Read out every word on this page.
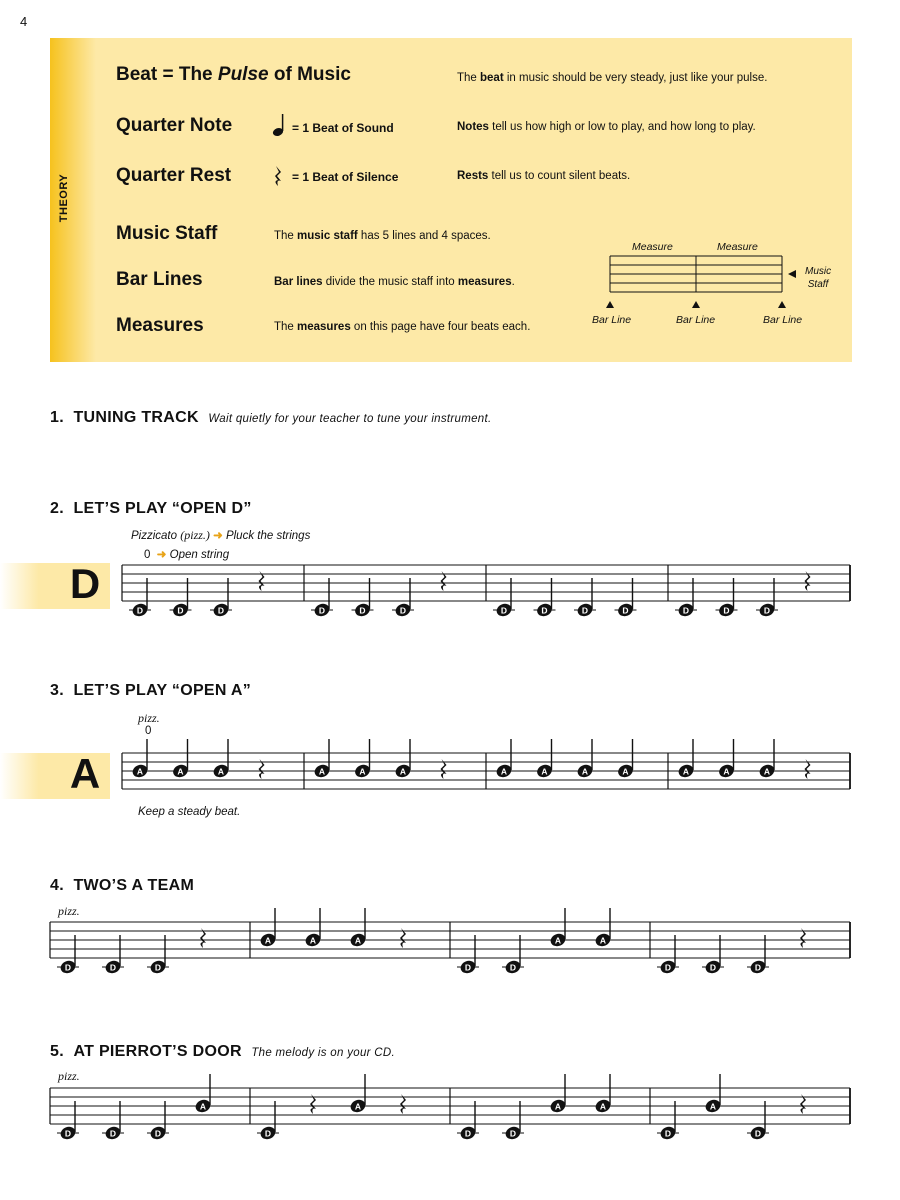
4
THEORY
Beat = The Pulse of Music	The beat in music should be very steady, just like your pulse.
Quarter Note	= 1 Beat of Sound	Notes tell us how high or low to play, and how long to play.
Quarter Rest	= 1 Beat of Silence	Rests tell us to count silent beats.
Music Staff	The music staff has 5 lines and 4 spaces.
Bar Lines	Bar lines divide the music staff into measures.
Measures	The measures on this page have four beats each.
Measure	Measure
Music
Staff
Bar Line	Bar Line	Bar Line
1. TUNING TRACK Wait quietly for your teacher to tune your instrument.
2. LET’S PLAY “OPEN D”
Pizzicato (pizz.) ➜ Pluck the strings
0 ➜ Open string
D
D	D	D	D	D	D	D	D	D	D	D	D	D
3. LET’S PLAY “OPEN A”
pizz.
0
A	A	A	A	A	A	A	A	A	A	A	A	A	A
Keep a steady beat.
4. TWO’S A TEAM
pizz.
D	D	D
A	A	A
D	D
A	A
D	D	D
5. AT PIERROT’S DOOR The melody is on your CD.
pizz.
D	D	D
A
D
A
D	D
A	A
D
A
D
